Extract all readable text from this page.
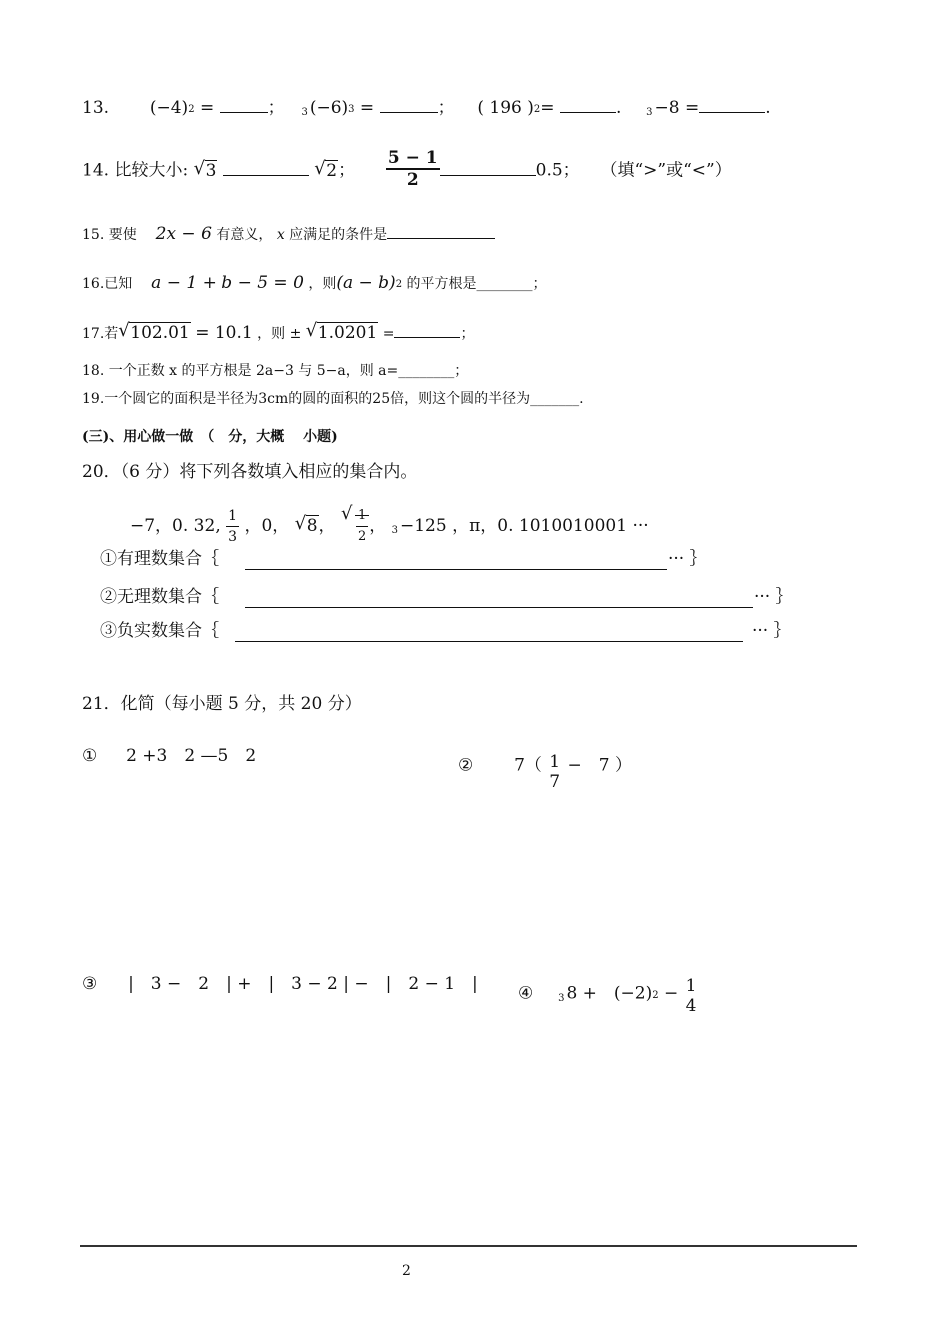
13. (−4)2 =	； 3 (−6)3 =	； ( 196 )2=	. 3 −8 =	.
14. 比较大小: √ 3	√ 2； $\frac{5 - 1}{2}$	0.5； （填“>”或“<”）
15. 要使 2x − 6 有意义， x 应满足的条件是
16.已知 a − 1 + b − 5 = 0 ，则(a − b)2 的平方根是________；
17.若 √ 102.01 = 10.1 ，则 ± √ 1.0201 =	；
18. 一个正数 x 的平方根是 2a−3 与 5−a，则 a=________；
19.一个圆它的面积是半径为3cm的圆的面积的25倍，则这个圆的半径为_______.
(三)、用心做一做　（　分，大概　 小题)
20．（6 分）将下列各数填入相应的集合内。
−7，0. 32, $\frac{1}{3}$ ，0， √ 8， √ $\frac{1}{2}$ ， 3 −125 ，π，0. 1010010001 ···
①有理数集合｛	··· ｝
②无理数集合｛	··· ｝
③负实数集合｛	··· ｝
21．化简（每小题 5 分，共 20 分）
① 2 +3　2 —5　2	② 7（ 1
7
−　7 ）
③ |　3 −　2　| +　|　3 − 2 | −　|　2 − 1　| ④ 3 8 +　(−2)2 − 1
4
2
